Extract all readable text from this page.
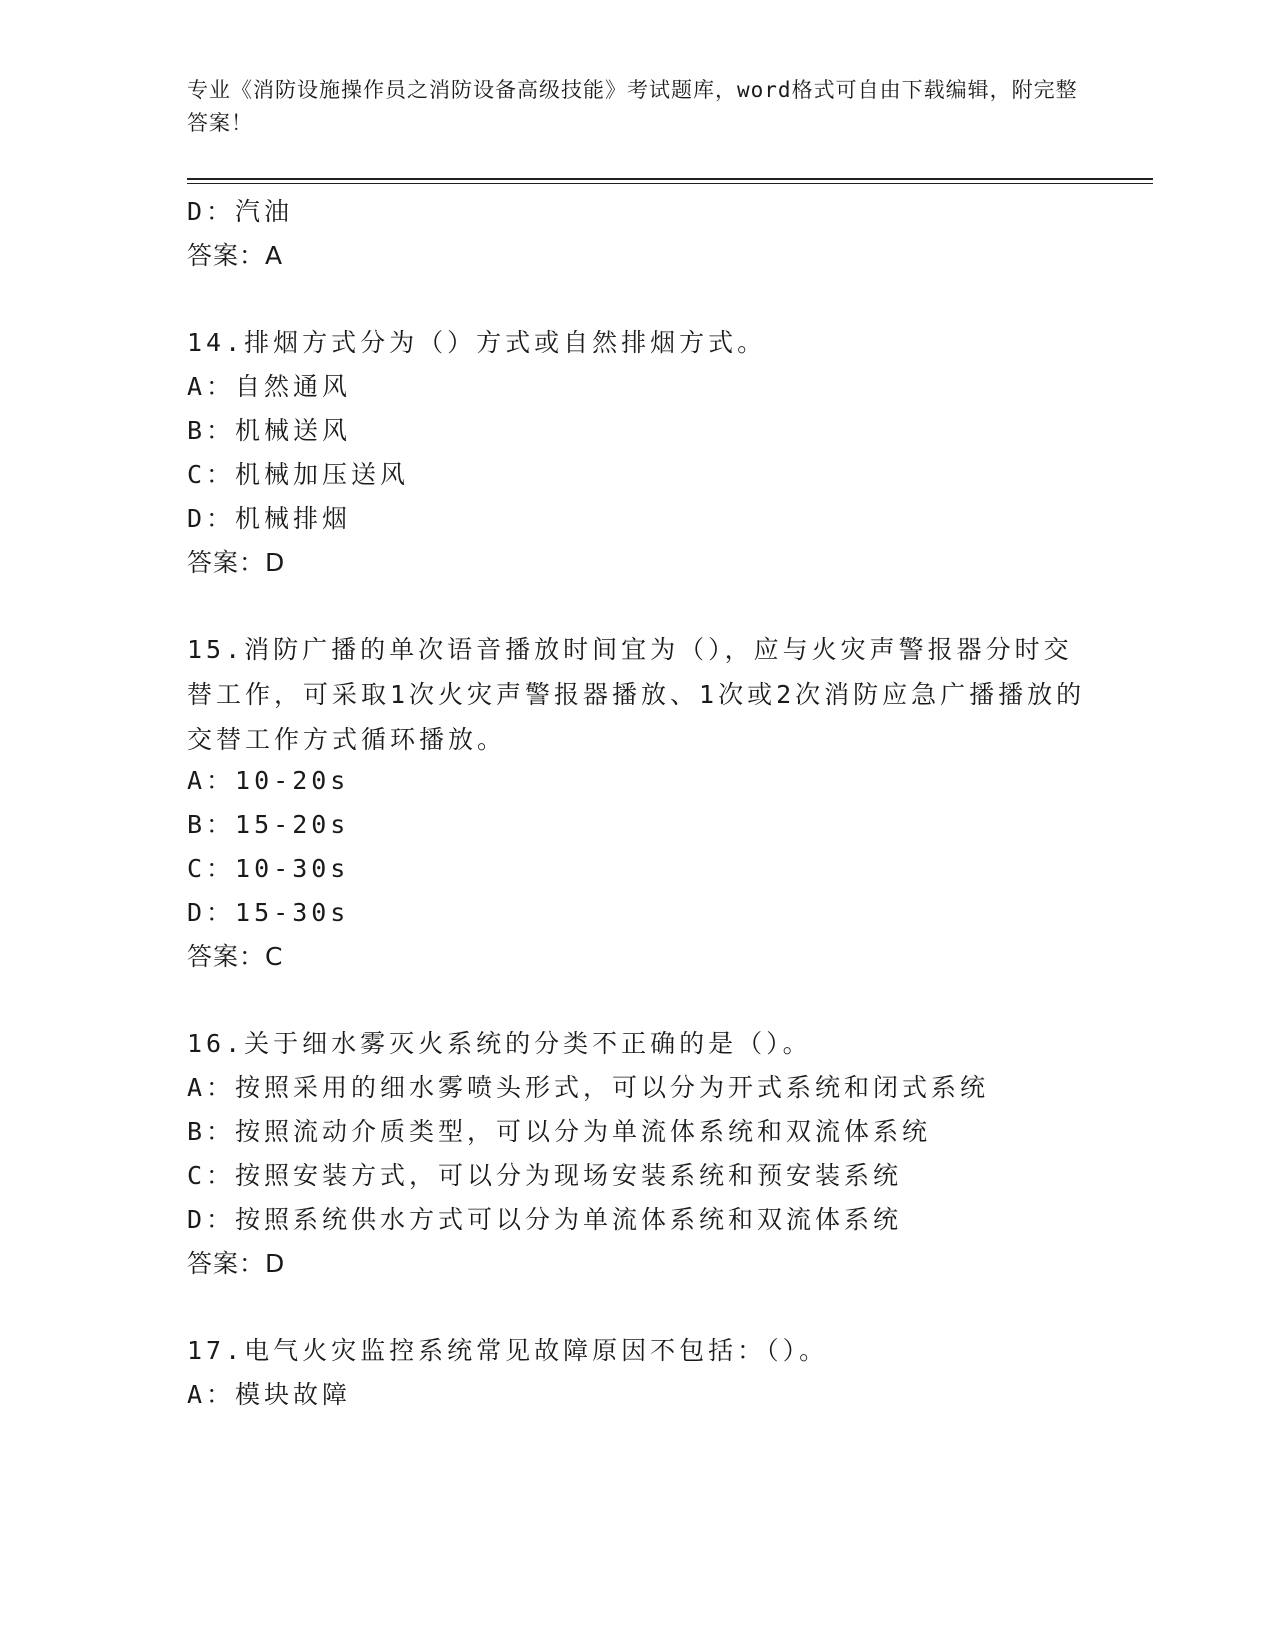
专业《消防设施操作员之消防设备高级技能》考试题库，word格式可自由下载编辑，附完整答案！
D：汽油
答案：A
14.排烟方式分为（）方式或自然排烟方式。
A：自然通风
B：机械送风
C：机械加压送风
D：机械排烟
答案：D
15.消防广播的单次语音播放时间宜为（），应与火灾声警报器分时交替工作，可采取1次火灾声警报器播放、1次或2次消防应急广播播放的交替工作方式循环播放。
A：10-20s
B：15-20s
C：10-30s
D：15-30s
答案：C
16.关于细水雾灭火系统的分类不正确的是（）。
A：按照采用的细水雾喷头形式，可以分为开式系统和闭式系统
B：按照流动介质类型，可以分为单流体系统和双流体系统
C：按照安装方式，可以分为现场安装系统和预安装系统
D：按照系统供水方式可以分为单流体系统和双流体系统
答案：D
17.电气火灾监控系统常见故障原因不包括：（）。
A：模块故障
